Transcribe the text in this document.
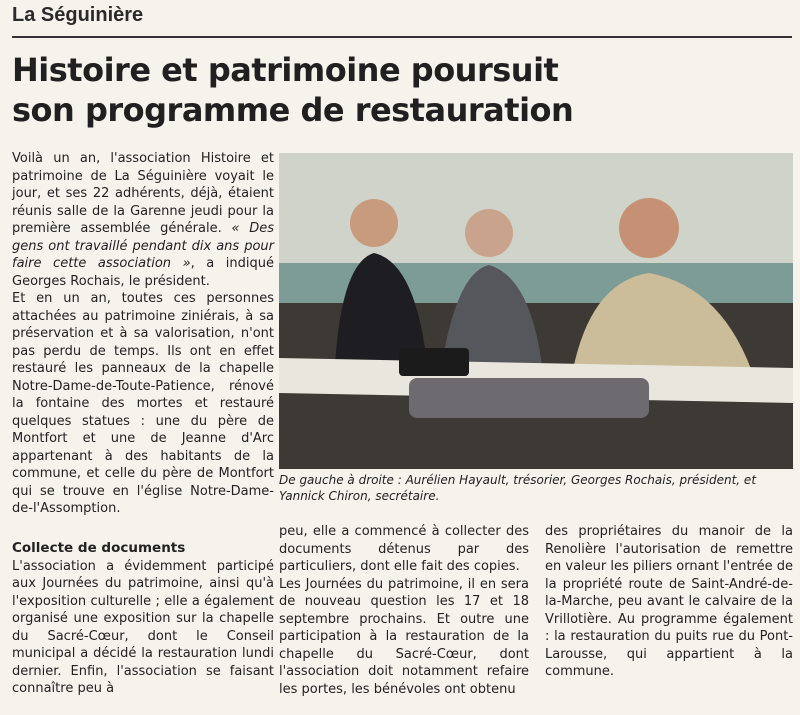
La Séguinière
Histoire et patrimoine poursuit
son programme de restauration

Voilà un an, l'association Histoire et patrimoine de La Séguinière voyait le jour, et ses 22 adhérents, déjà, étaient réunis salle de la Garenne jeudi pour la première assemblée générale. « Des gens ont travaillé pendant dix ans pour faire cette association », a indiqué Georges Rochais, le président.

Et en un an, toutes ces personnes attachées au patrimoine ziniérais, à sa préservation et à sa valorisation, n'ont pas perdu de temps. Ils ont en effet restauré les panneaux de la chapelle Notre-Dame-de-Toute-Patience, rénové la fontaine des mortes et restauré quelques statues : une du père de Montfort et une de Jeanne d'Arc appartenant à des habitants de la commune, et celle du père de Montfort qui se trouve en l'église Notre-Dame-de-l'Assomption.

Collecte de documents

L'association a évidemment participé aux Journées du patrimoine, ainsi qu'à l'exposition culturelle ; elle a également organisé une exposition sur la chapelle du Sacré-Cœur, dont le Conseil municipal a décidé la restauration lundi dernier. Enfin, l'association se faisant connaître peu à

De gauche à droite : Aurélien Hayault, trésorier, Georges Rochais, président, et Yannick Chiron, secrétaire.

peu, elle a commencé à collecter des documents détenus par des particuliers, dont elle fait des copies.

Les Journées du patrimoine, il en sera de nouveau question les 17 et 18 septembre prochains. Et outre une participation à la restauration de la chapelle du Sacré-Cœur, dont l'association doit notamment refaire les portes, les bénévoles ont obtenu

des propriétaires du manoir de la Renolière l'autorisation de remettre en valeur les piliers ornant l'entrée de la propriété route de Saint-André-de-la-Marche, peu avant le calvaire de la Vrillotière. Au programme également : la restauration du puits rue du Pont-Larousse, qui appartient à la commune.
